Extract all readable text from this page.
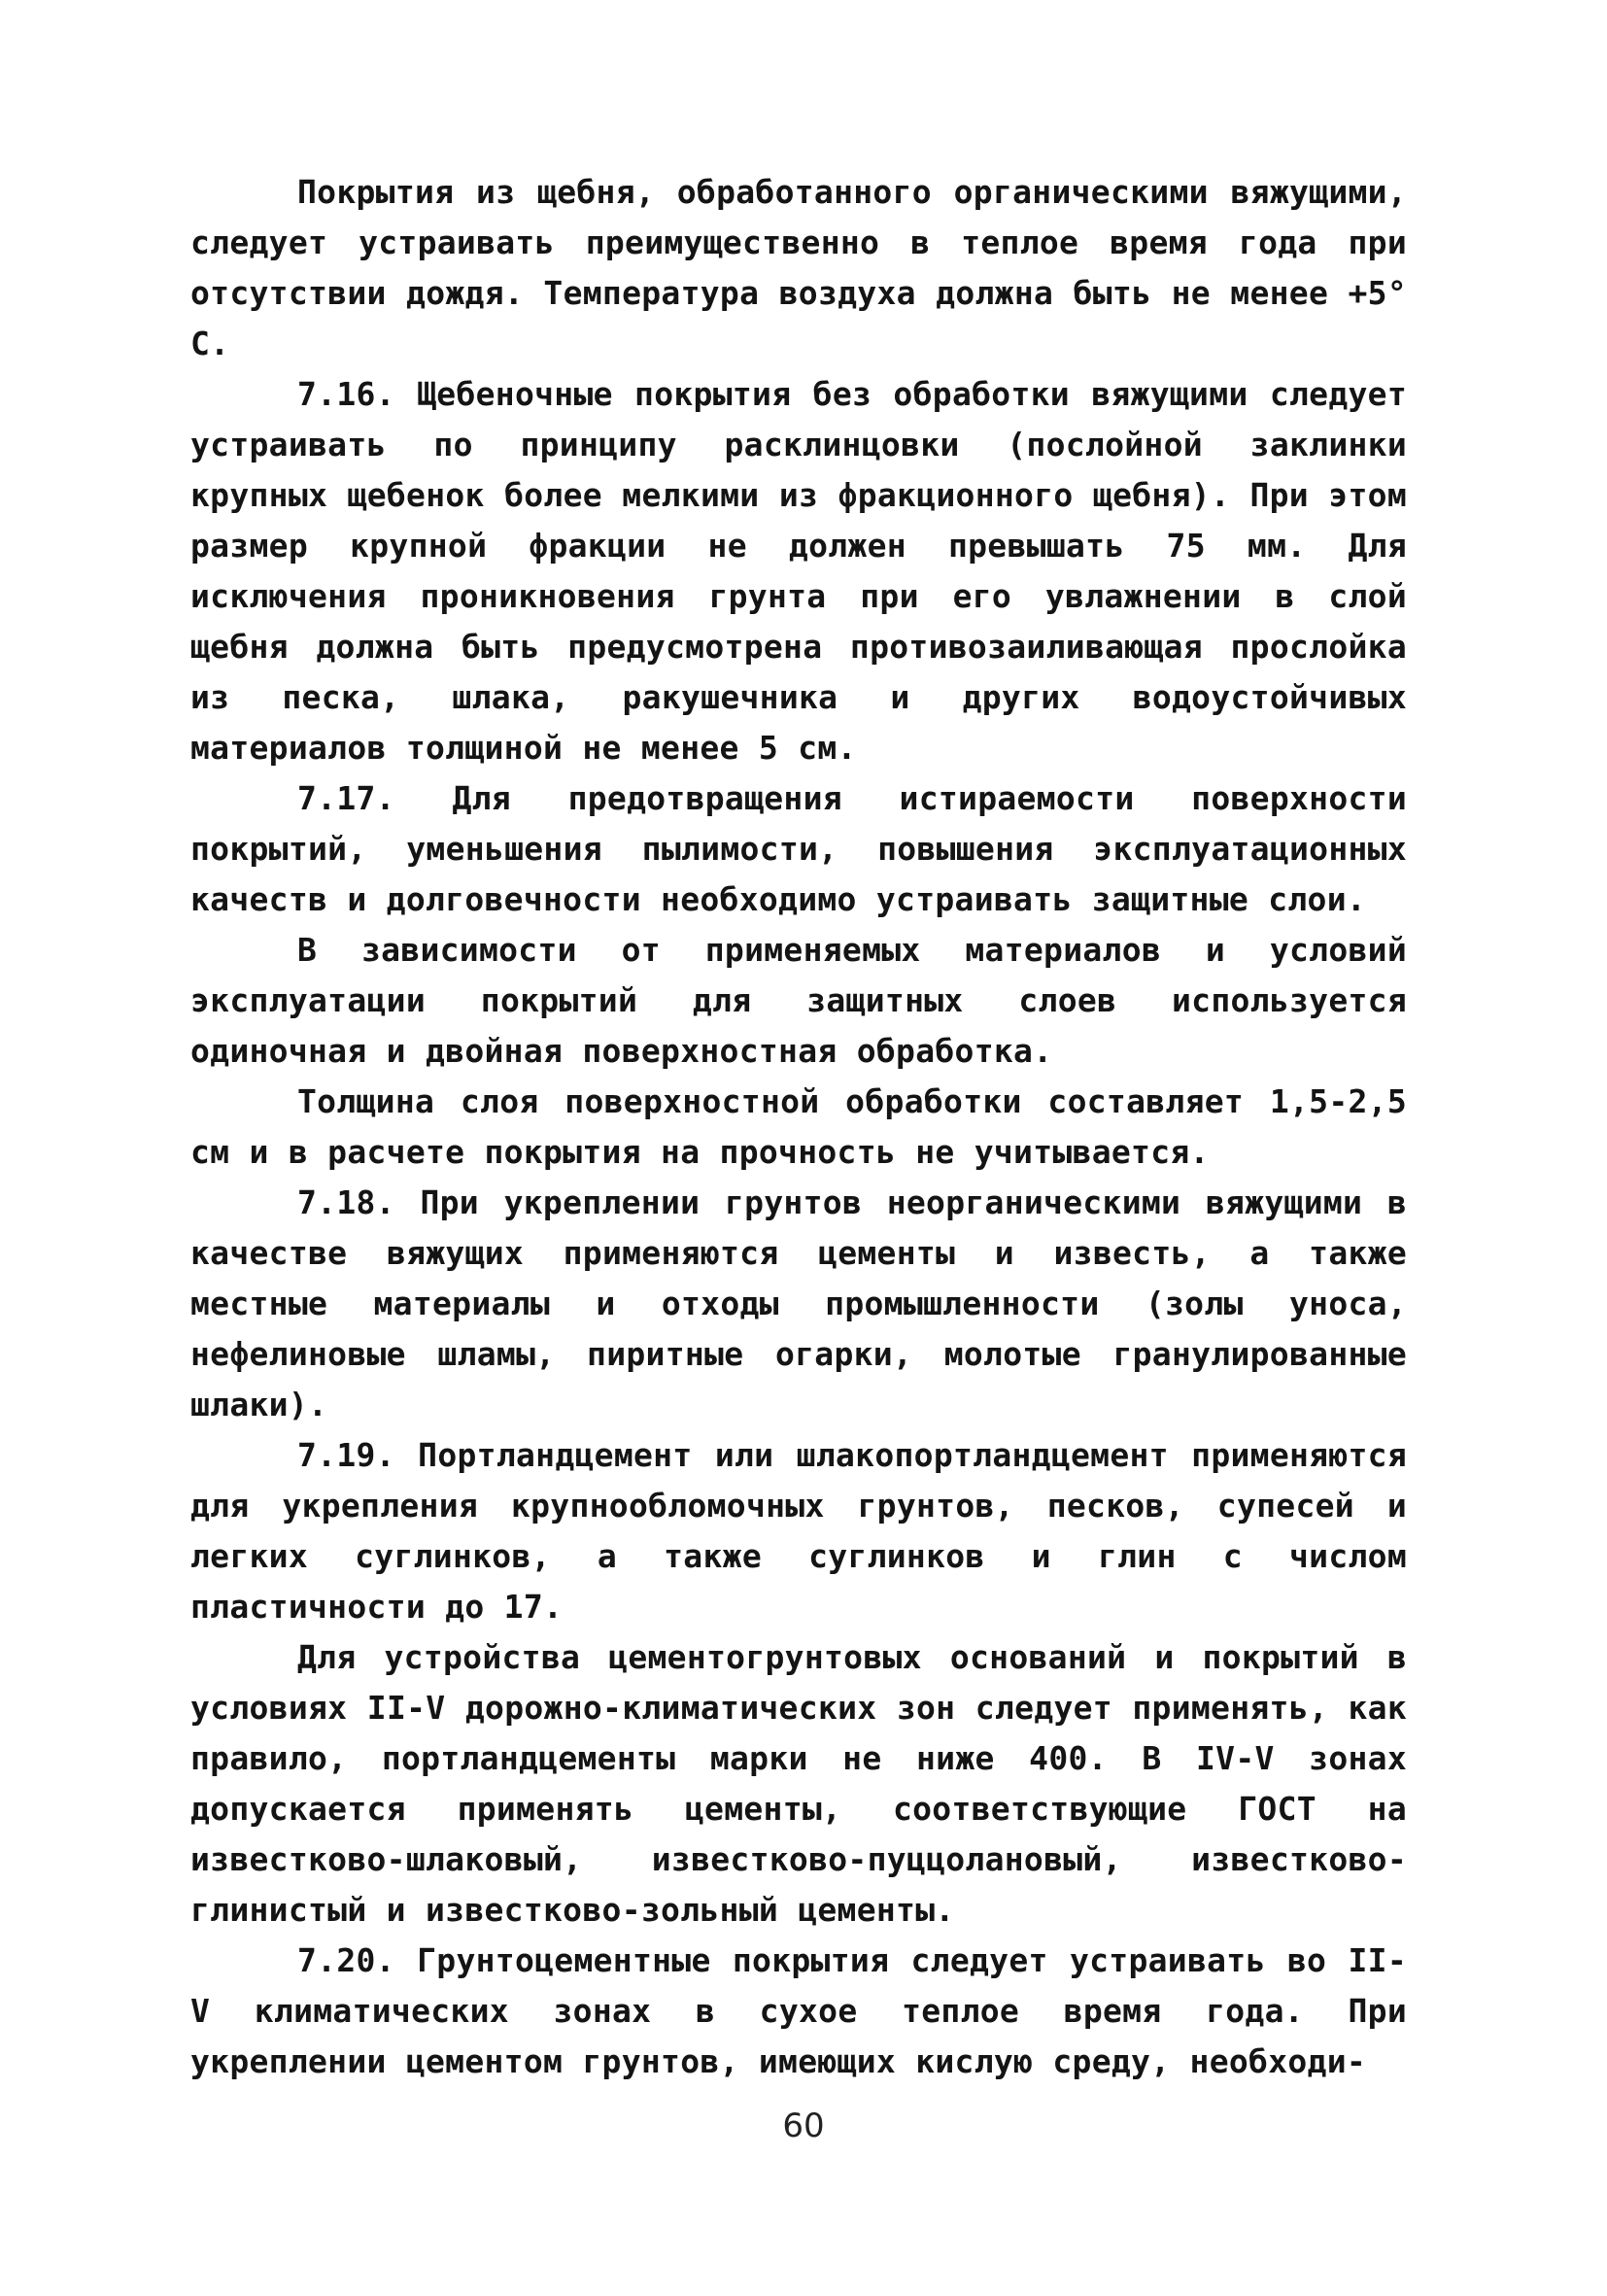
Покрытия из щебня, обработанного органическими вяжущими, следует устраивать преимущественно в теплое время года при отсутствии дождя. Температура воздуха должна быть не менее +5° С.

7.16. Щебеночные покрытия без обработки вяжущими следует устраивать по принципу расклинцовки (послойной заклинки крупных щебенок более мелкими из фракционного щебня). При этом размер крупной фракции не должен превышать 75 мм. Для исключения проникновения грунта при его увлажнении в слой щебня должна быть предусмотрена противозаиливающая прослойка из песка, шлака, ракушечника и других водоустойчивых материалов толщиной не менее 5 см.

7.17. Для предотвращения истираемости поверхности покрытий, уменьшения пылимости, повышения эксплуатационных качеств и долговечности необходимо устраивать защитные слои.

В зависимости от применяемых материалов и условий эксплуатации покрытий для защитных слоев используется одиночная и двойная поверхностная обработка.

Толщина слоя поверхностной обработки составляет 1,5-2,5 см и в расчете покрытия на прочность не учитывается.

7.18. При укреплении грунтов неорганическими вяжущими в качестве вяжущих применяются цементы и известь, а также местные материалы и отходы промышленности (золы уноса, нефелиновые шламы, пиритные огарки, молотые гранулированные шлаки).

7.19. Портландцемент или шлакопортландцемент применяются для укрепления крупнообломочных грунтов, песков, супесей и легких суглинков, а также суглинков и глин с числом пластичности до 17.

Для устройства цементогрунтовых оснований и покрытий в условиях II-V дорожно-климатических зон следует применять, как правило, портландцементы марки не ниже 400. В IV-V зонах допускается применять цементы, соответствующие ГОСТ на известково-шлаковый, известково-пуццолановый, известково-глинистый и известково-зольный цементы.

7.20. Грунтоцементные покрытия следует устраивать во II-V климатических зонах в сухое теплое время года. При укреплении цементом грунтов, имеющих кислую среду, необходи-

60
